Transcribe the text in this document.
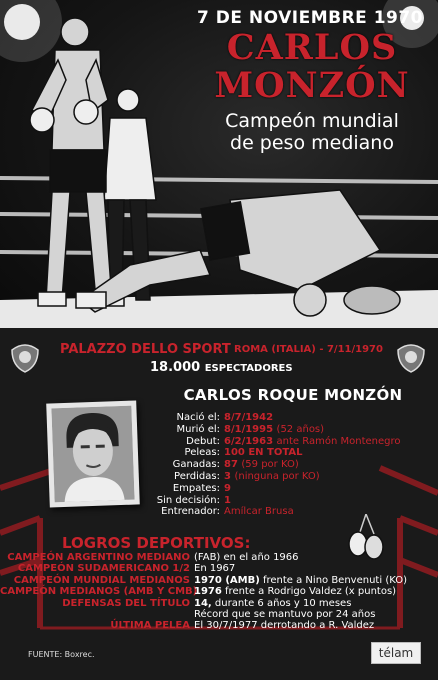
7 DE NOVIEMBRE 1970
CARLOS
MONZÓN
Campeón mundial
de peso mediano
PALAZZO DELLO SPORT ROMA (ITALIA) - 7/11/1970
18.000 ESPECTADORES
CARLOS ROQUE MONZÓN
Nació el: 8/7/1942
Murió el: 8/1/1995 (52 años)
Debut: 6/2/1963 ante Ramón Montenegro
Peleas: 100 EN TOTAL
Ganadas: 87 (59 por KO)
Perdidas: 3 (ninguna por KO)
Empates: 9
Sin decisión: 1
Entrenador: Amílcar Brusa
LOGROS DEPORTIVOS:
CAMPEÓN ARGENTINO MEDIANO (FAB) en el año 1966
CAMPEÓN SUDAMERICANO 1/2 En 1967
CAMPEÓN MUNDIAL MEDIANOS 1970 (AMB) frente a Nino Benvenuti (KO)
CAMPEÓN MEDIANOS (AMB Y CMB)
1976 frente a Rodrigo Valdez (x puntos)
DEFENSAS DEL TÍTULO 14, durante 6 años y 10 meses
Récord que se mantuvo por 24 años
ÚLTIMA PELEA El 30/7/1977 derrotando a R. Valdez
FUENTE: Boxrec.	télam
